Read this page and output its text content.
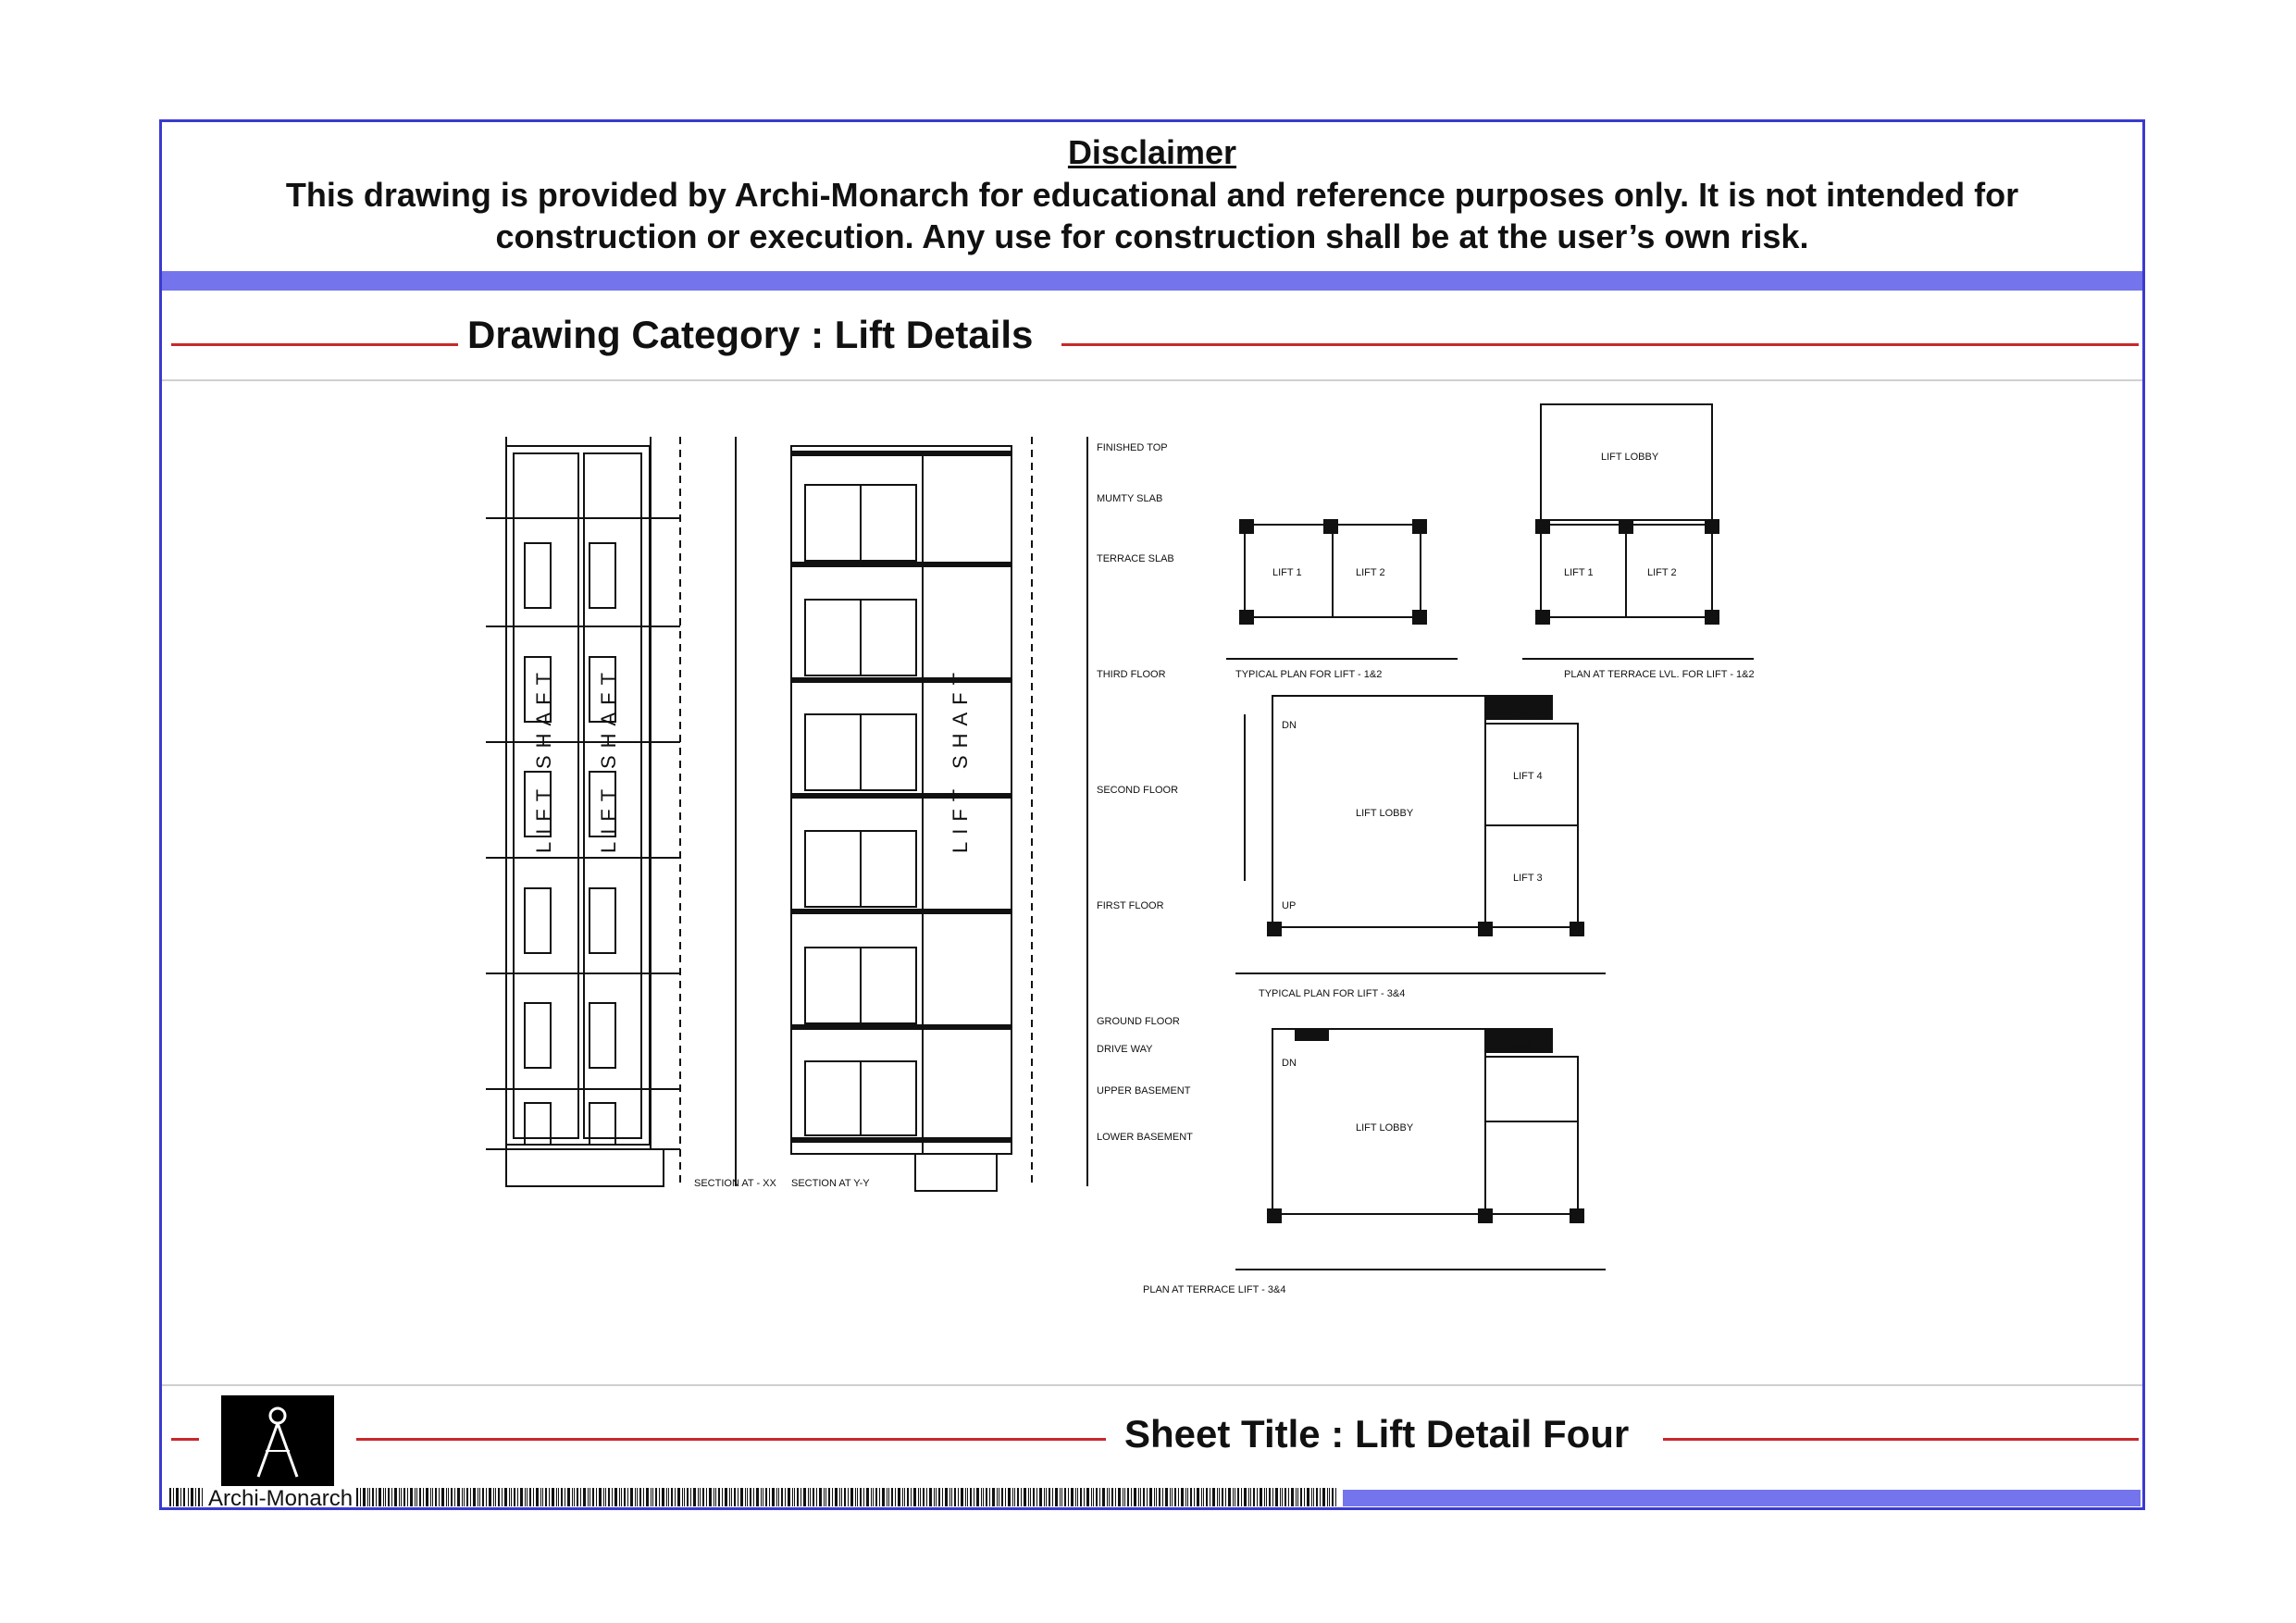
Disclaimer
This drawing is provided by Archi-Monarch for educational and reference purposes only. It is not intended for construction or execution. Any use for construction shall be at the user’s own risk.
Drawing Category : Lift Details
LIFT SHAFT LIFT SHAFT
SECTION AT - XX
LIFT SHAFT
SECTION AT Y-Y
FINISHED TOP
MUMTY SLAB
TERRACE SLAB
THIRD FLOOR
SECOND FLOOR
FIRST FLOOR
GROUND FLOOR
DRIVE WAY
UPPER BASEMENT
LOWER BASEMENT
LIFT 1	LIFT 2
TYPICAL PLAN FOR LIFT - 1&2
LIFT LOBBY
LIFT 1	LIFT 2
PLAN AT TERRACE LVL. FOR LIFT - 1&2
DN
UP
LIFT LOBBY
LIFT 4
LIFT 3
FHC
TYPICAL PLAN FOR LIFT - 3&4
DN
LIFT LOBBY
FHC
PLAN AT TERRACE LIFT - 3&4
Archi-Monarch
Sheet Title : Lift Detail Four
